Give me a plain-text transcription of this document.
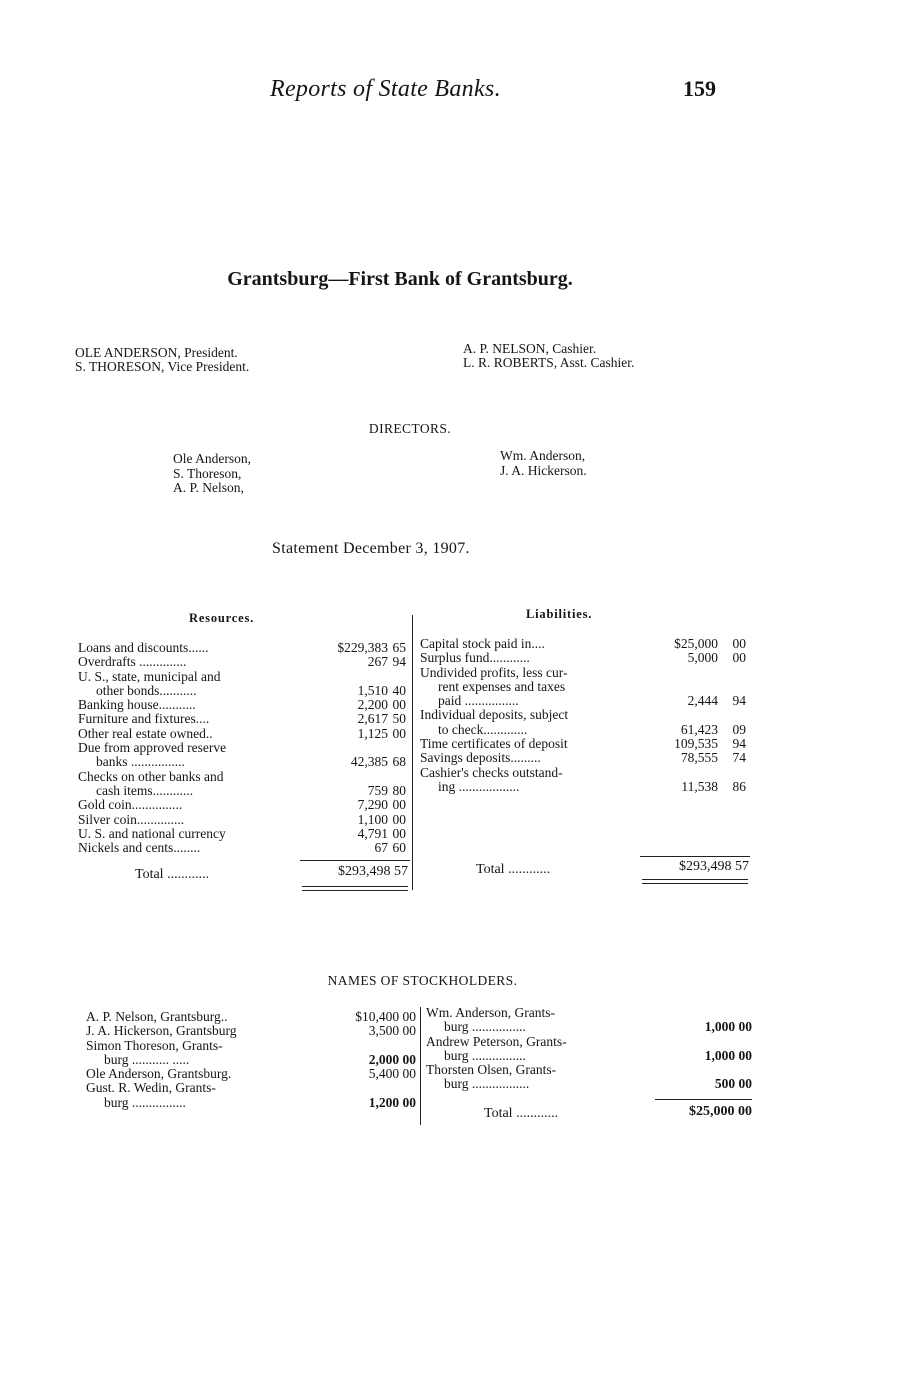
Reports of State Banks.	159
Grantsburg—First Bank of Grantsburg.
OLE ANDERSON, President.
S. THORESON, Vice President.
A. P. NELSON, Cashier.
L. R. ROBERTS, Asst. Cashier.
DIRECTORS.
Ole Anderson,
S. Thoreson,
A. P. Nelson,
Wm. Anderson,
J. A. Hickerson.
Statement December 3, 1907.
Resources.	Liabilities.
Loans and discounts......	$229,383 65
Overdrafts ..............	267 94
U. S., state, municipal and
other bonds...........	1,510 40
Banking house...........	2,200 00
Furniture and fixtures....	2,617 50
Other real estate owned..	1,125 00
Due from approved reserve
banks ................	42,385 68
Checks on other banks and
cash items............	759 80
Gold coin...............	7,290 00
Silver coin..............	1,100 00
U. S. and national currency	4,791 00
Nickels and cents........	67 60
Capital stock paid in....	$25,000	00
Surplus fund............	5,000	00
Undivided profits, less cur-
rent expenses and taxes
paid ................	2,444	94
Individual deposits, subject
to check.............	61,423	09
Time certificates of deposit	109,535	94
Savings deposits.........	78,555	74
Cashier's checks outstand-
ing ..................	11,538	86
Total ............	$293,498 57	Total ............	$293,498 57
NAMES OF STOCKHOLDERS.
A. P. Nelson, Grantsburg..	$10,400 00
J. A. Hickerson, Grantsburg	3,500 00
Simon Thoreson, Grants-
burg ........... .....	2,000 00
Ole Anderson, Grantsburg.	5,400 00
Gust. R. Wedin, Grants-
burg ................	1,200 00
Wm. Anderson, Grants-
burg ................	1,000 00
Andrew Peterson, Grants-
burg ................	1,000 00
Thorsten Olsen, Grants-
burg .................	500 00
Total ............	$25,000 00
